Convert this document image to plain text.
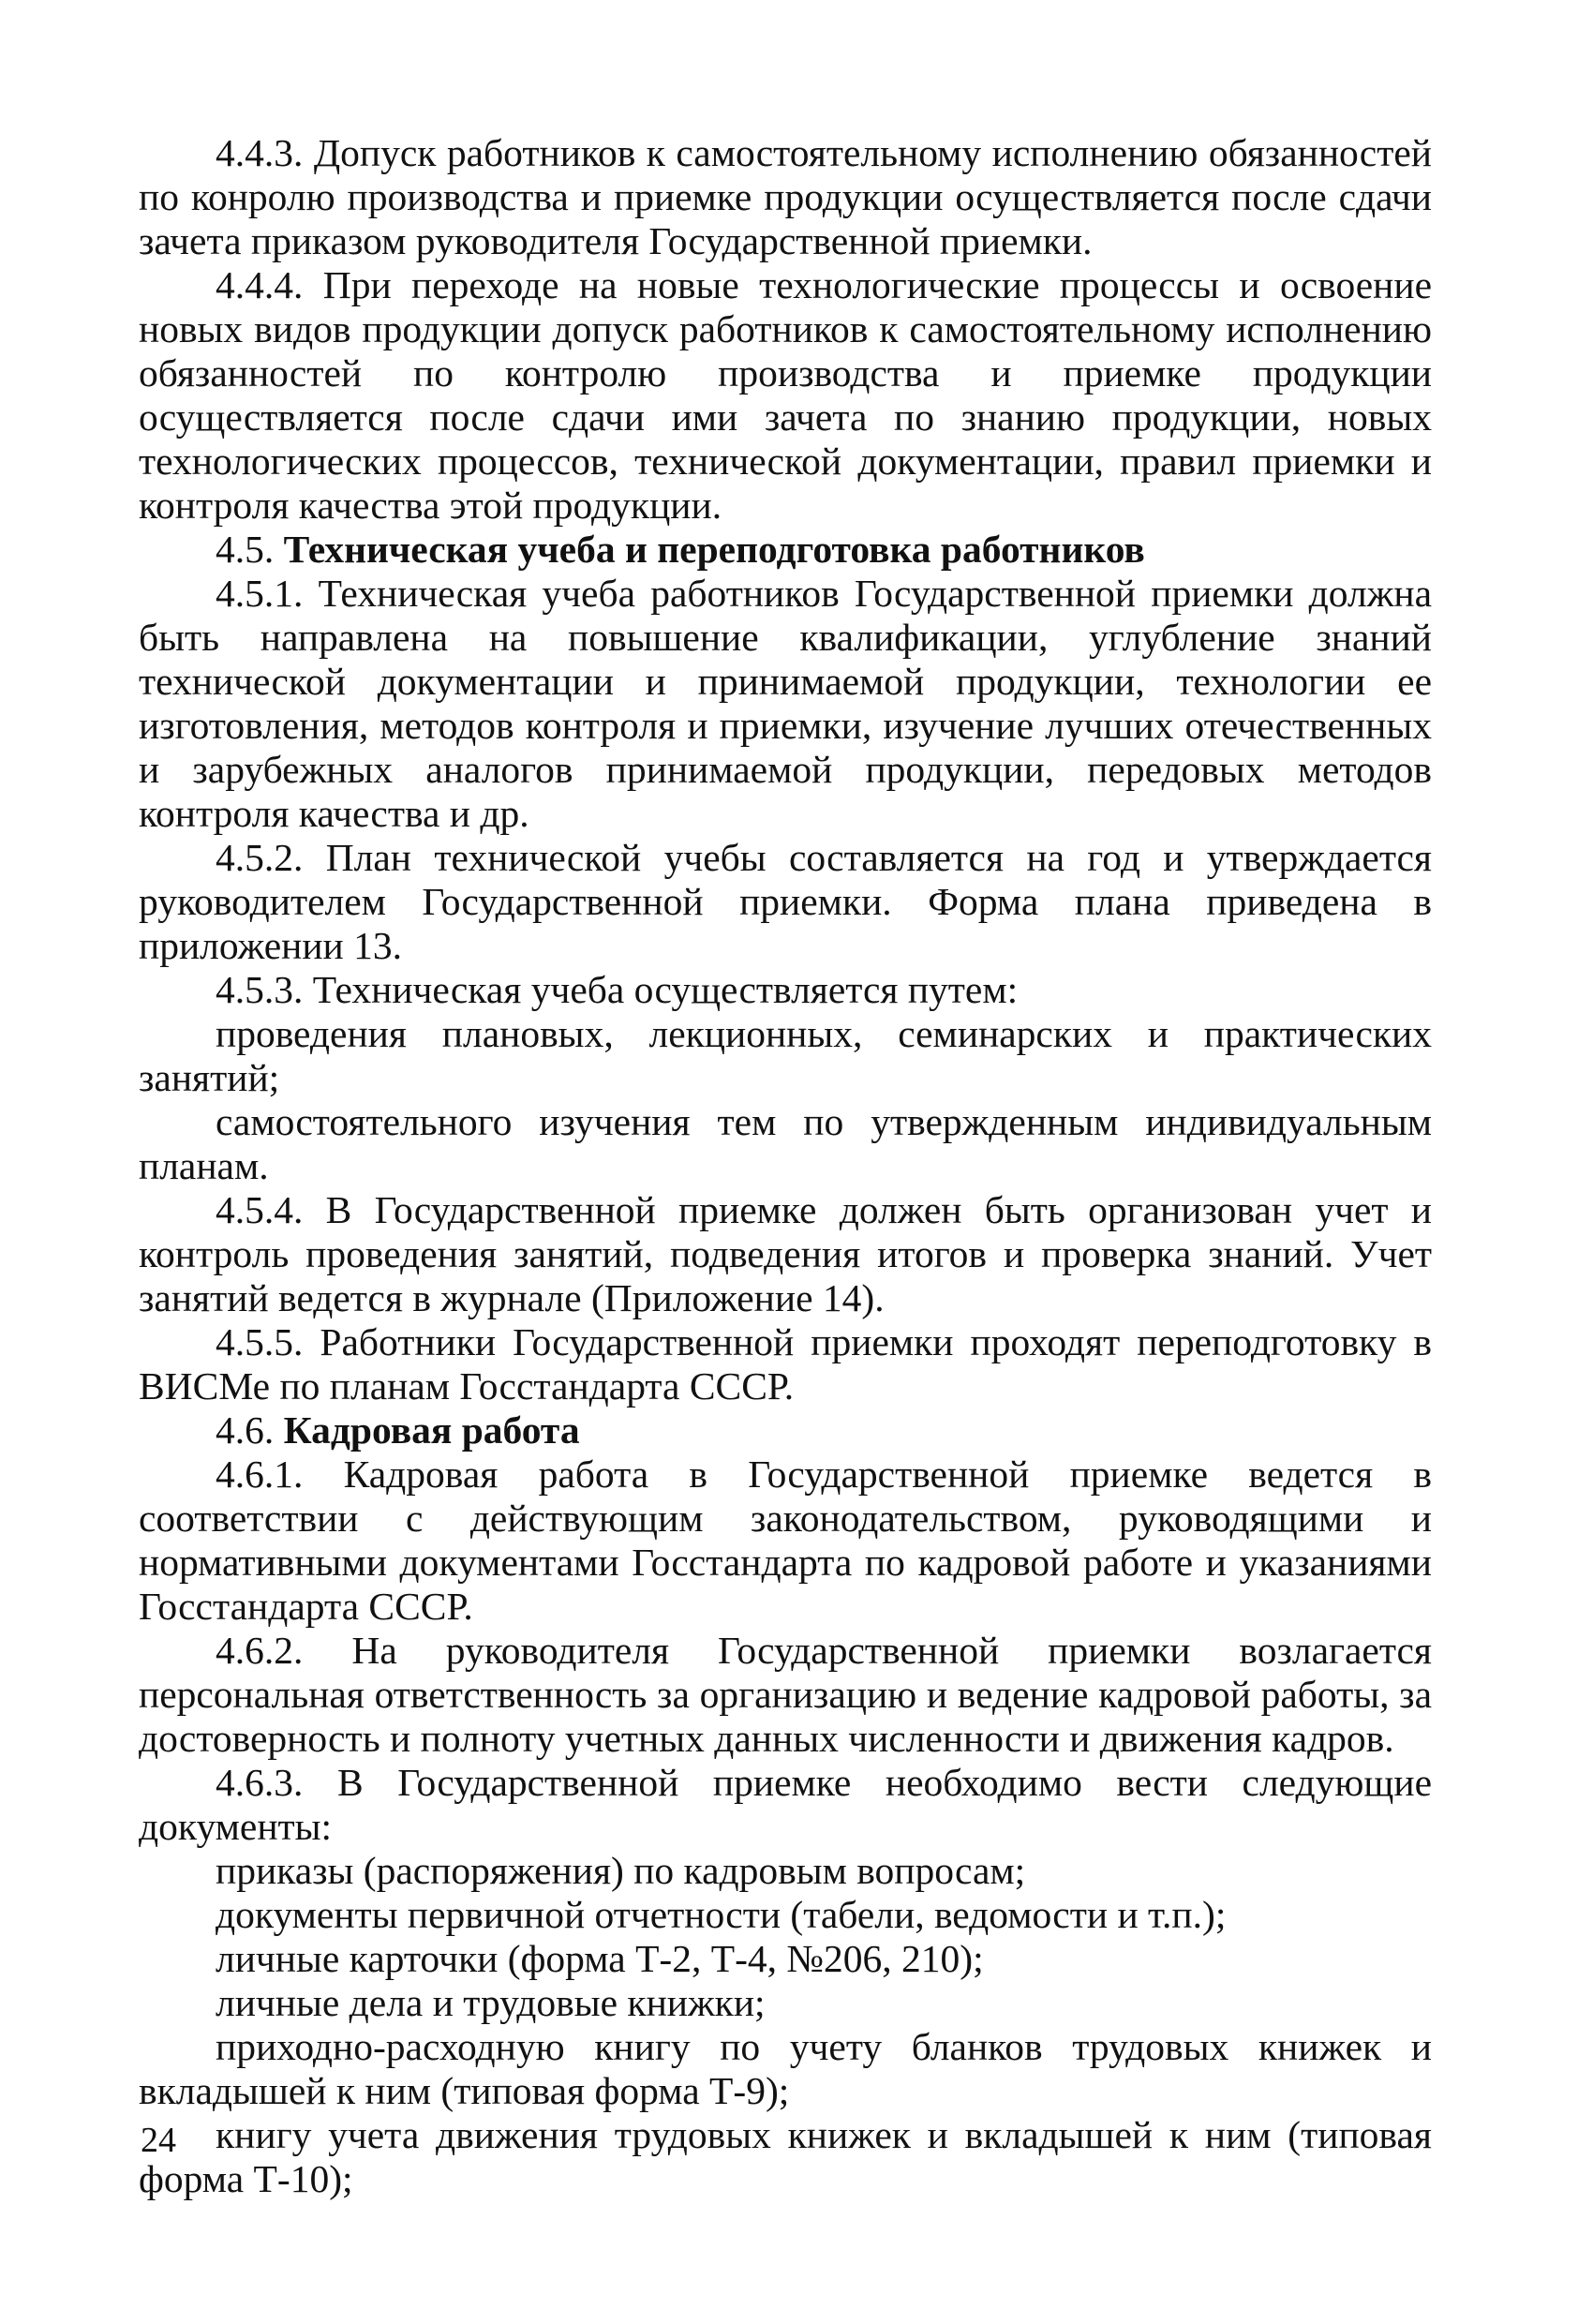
4.4.3. Допуск работников к самостоятельному исполнению обязанностей по конролю производства и приемке продукции осуществляется после сдачи зачета приказом руководителя Государственной приемки.

4.4.4. При переходе на новые технологические процессы и освоение новых видов продукции допуск работников к самостоятельному исполнению обязанностей по контролю производства и приемке продукции осуществляется после сдачи ими зачета по знанию продукции, новых технологических процессов, технической документации, правил приемки и контроля качества этой продукции.

4.5. Техническая учеба и переподготовка работников

4.5.1. Техническая учеба работников Государственной приемки должна быть направлена на повышение квалификации, углубление знаний технической документации и принимаемой продукции, технологии ее изготовления, методов контроля и приемки, изучение лучших отечественных и зарубежных аналогов принимаемой продукции, передовых методов контроля качества и др.

4.5.2. План технической учебы составляется на год и утверждается руководителем Государственной приемки. Форма плана приведена в приложении 13.

4.5.3. Техническая учеба осуществляется путем:

проведения плановых, лекционных, семинарских и практических занятий;

самостоятельного изучения тем по утвержденным индивидуальным планам.

4.5.4. В Государственной приемке должен быть организован учет и контроль проведения занятий, подведения итогов и проверка знаний. Учет занятий ведется в журнале (Приложение 14).

4.5.5. Работники Государственной приемки проходят переподготовку в ВИСМе по планам Госстандарта СССР.

4.6. Кадровая работа

4.6.1. Кадровая работа в Государственной приемке ведется в соответствии с действующим законодательством, руководящими и нормативными документами Госстандарта по кадровой работе и указаниями Госстандарта СССР.

4.6.2. На руководителя Государственной приемки возлагается персональная ответственность за организацию и ведение кадровой работы, за достоверность и полноту учетных данных численности и движения кадров.

4.6.3. В Государственной приемке необходимо вести следующие документы:

приказы (распоряжения) по кадровым вопросам;

документы первичной отчетности (табели, ведомости и т.п.);

личные карточки (форма Т-2, Т-4, №206, 210);

личные дела и трудовые книжки;

приходно-расходную книгу по учету бланков трудовых книжек и вкладышей к ним (типовая форма Т-9);

книгу учета движения трудовых книжек и вкладышей к ним (типовая форма Т-10);

24
